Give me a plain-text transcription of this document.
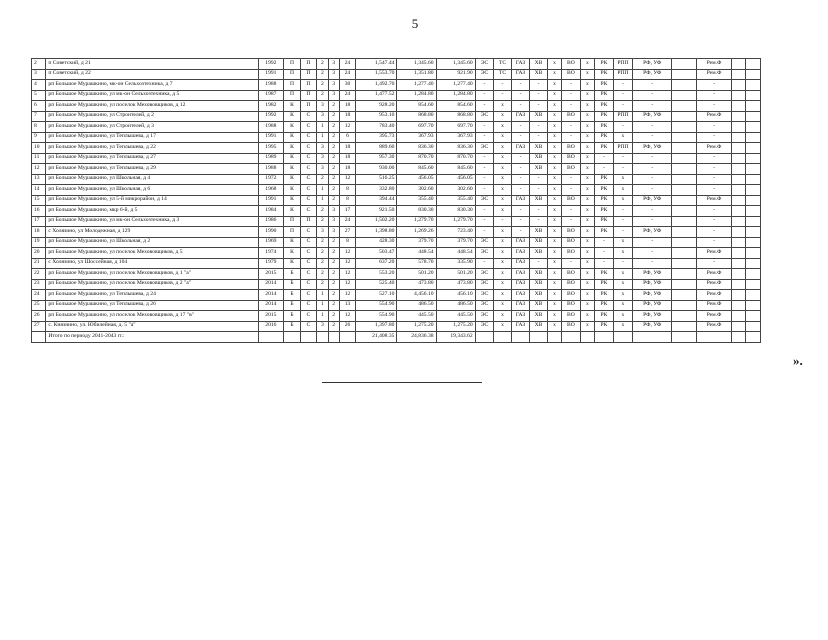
5
2	п Советский, д 21	1992	П	П	2	3	24	1,547.44	1,345.60	1,345.60	ЭС	ТС	ГАЗ	ХВ	х	ВО	х	РК	РПП	РФ, УФ		Рем.Ф		
3	п Советский, д 22	1991	П	П	2	3	24	1,553.70	1,351.80	921.90	ЭС	ТС	ГАЗ	ХВ	х	ВО	х	РК	РПП	РФ, УФ		Рем.Ф		
4	рп Большое Мурашкино, мк-он Сельхозтехника, д 7	1988	П	П	2	3	30	1,492.70	1,277.40	1,277.40	-	-	-	-	х	-	х	РК	-	-		-		
5	рп Большое Мурашкино, ул мк-он Сельхозтехника, д 5	1987	П	П	2	3	24	1,477.52	1,284.80	1,284.80	-	-	-	-	х	-	х	РК	-	-		-		
6	рп Большое Мурашкино, ул поселок Мехововщиков, д 12	1982	К	П	3	2	18	928.20	854.60	854.60	-	х	-	-	х	-	х	РК	-	-		-		
7	рп Большое Мурашкино, ул Строителей, д 2	1992	К	С	3	2	18	953.10	868.80	868.80	ЭС	х	ГАЗ	ХВ	х	ВО	х	РК	РПП	РФ, УФ		Рем.Ф		
8	рп Большое Мурашкино, ул Строителей, д 3	1988	К	С	1	2	12	783.40	697.70	697.70	-	х	-	-	х	-	х	РК	-	-		-		
9	рп Большое Мурашкино, ул Теплышева, д 17	1991	К	С	1	2	6	395.73	367.93	367.93	-	х	-	-	х	-	х	РК	х	-		-		
10	рп Большое Мурашкино, ул Теплышева, д 22	1995	К	С	3	2	18	889.60	836.30	836.30	ЭС	х	ГАЗ	ХВ	х	ВО	х	РК	РПП	РФ, УФ		Рем.Ф		
11	рп Большое Мурашкино, ул Теплышева, д 27	1989	К	С	3	2	18	957.30	870.70	870.70	-	х	-	ХВ	х	ВО	х	-	-	-		-		
12	рп Большое Мурашкино, ул Теплышева, д 29	1988	К	С	3	2	18	930.00	845.60	845.60	-	х	-	ХВ	х	ВО	х	-	-	-		-		
13	рп Большое Мурашкино, ул Школьная, д 4	1972	К	С	2	2	12	516.25	456.05	456.05	-	х	-	-	х	-	х	РК	х	-		-		
14	рп Большое Мурашкино, ул Школьная, д 6	1968	К	С	1	2	8	332.80	302.60	302.60	-	х	-	-	х	-	х	РК	х	-		-		
15	рп Большое Мурашкино, ул 5-й микрорайон, д 14	1991	К	С	1	2	8	394.44	355.40	355.40	ЭС	х	ГАЗ	ХВ	х	ВО	х	РК	х	РФ, УФ		Рем.Ф		
16	рп Большое Мурашкино, мкр 6-й, д 5	1984	К	С	2	3	17	921.50	830.30	830.30	-	х	-	-	х	-	х	РК	-	-		-		
17	рп Большое Мурашкино, ул мк-он Сельхозтехника, д 3	1986	П	П	2	3	24	1,502.20	1,279.70	1,279.70	-	-	-	-	х	-	х	РК	-	-		-		
18	с Холязино, ул Молодежная, д 129	1990	П	С	3	3	27	1,398.80	1,269.26	723.40	-	х	-	ХВ	х	ВО	х	РК	-	РФ, УФ		-		
19	рп Большое Мурашкино, ул Школьная, д 2	1969	К	С	2	2	8	428.30	379.70	379.70	ЭС	х	ГАЗ	ХВ	х	ВО	х	-	х	-		-		
20	рп Большое Мурашкино, ул поселок Мехововщиков, д 5	1974	К	С	2	2	12	503.47	448.54	448.54	ЭС	х	ГАЗ	ХВ	х	ВО	х	-	х	-		Рем.Ф		
21	с Холязино, ул Шоссейная, д 104	1979	К	С	2	2	12	637.20	578.70	335.90	-	х	ГАЗ	-	х	-	х	-	-	-		-		
22	рп Большое Мурашкино, ул поселок Мехововщиков, д 1 "а"	2015	Б	С	2	2	12	553.20	501.20	501.20	ЭС	х	ГАЗ	ХВ	х	ВО	х	РК	х	РФ, УФ		Рем.Ф		
23	рп Большое Мурашкино, ул поселок Мехововщиков, д 2 "а"	2014	Б	С	2	2	12	525.40	473.80	473.80	ЭС	х	ГАЗ	ХВ	х	ВО	х	РК	х	РФ, УФ		Рем.Ф		
24	рп Большое Мурашкино, ул Теплышева, д 24	2014	Б	С	1	2	12	527.10	4,456.10	456.10	ЭС	х	ГАЗ	ХВ	х	ВО	х	РК	х	РФ, УФ		Рем.Ф		
25	рп Большое Мурашкино, ул Теплышева, д 26	2014	Б	С	1	2	13	554.90	486.50	486.50	ЭС	х	ГАЗ	ХВ	х	ВО	х	РК	х	РФ, УФ		Рем.Ф		
26	рп Большое Мурашкино, ул поселок Мехововщиков, д 17 "в"	2015	Б	С	1	2	12	554.90	445.50	445.50	ЭС	х	ГАЗ	ХВ	х	ВО	х	РК	х	РФ, УФ		Рем.Ф		
27	с. Князнино, ул. Юбилейная, д. 5 "а"	2016	Б	С	3	2	26	1,397.80	1,275.20	1,275.20	ЭС	х	ГАЗ	ХВ	х	ВО	х	РК	х	РФ, УФ		Рем.Ф		
	Итого по периоду 2041-2043 гг.:							21,408.35	24,836.38	19,343.62														
».
